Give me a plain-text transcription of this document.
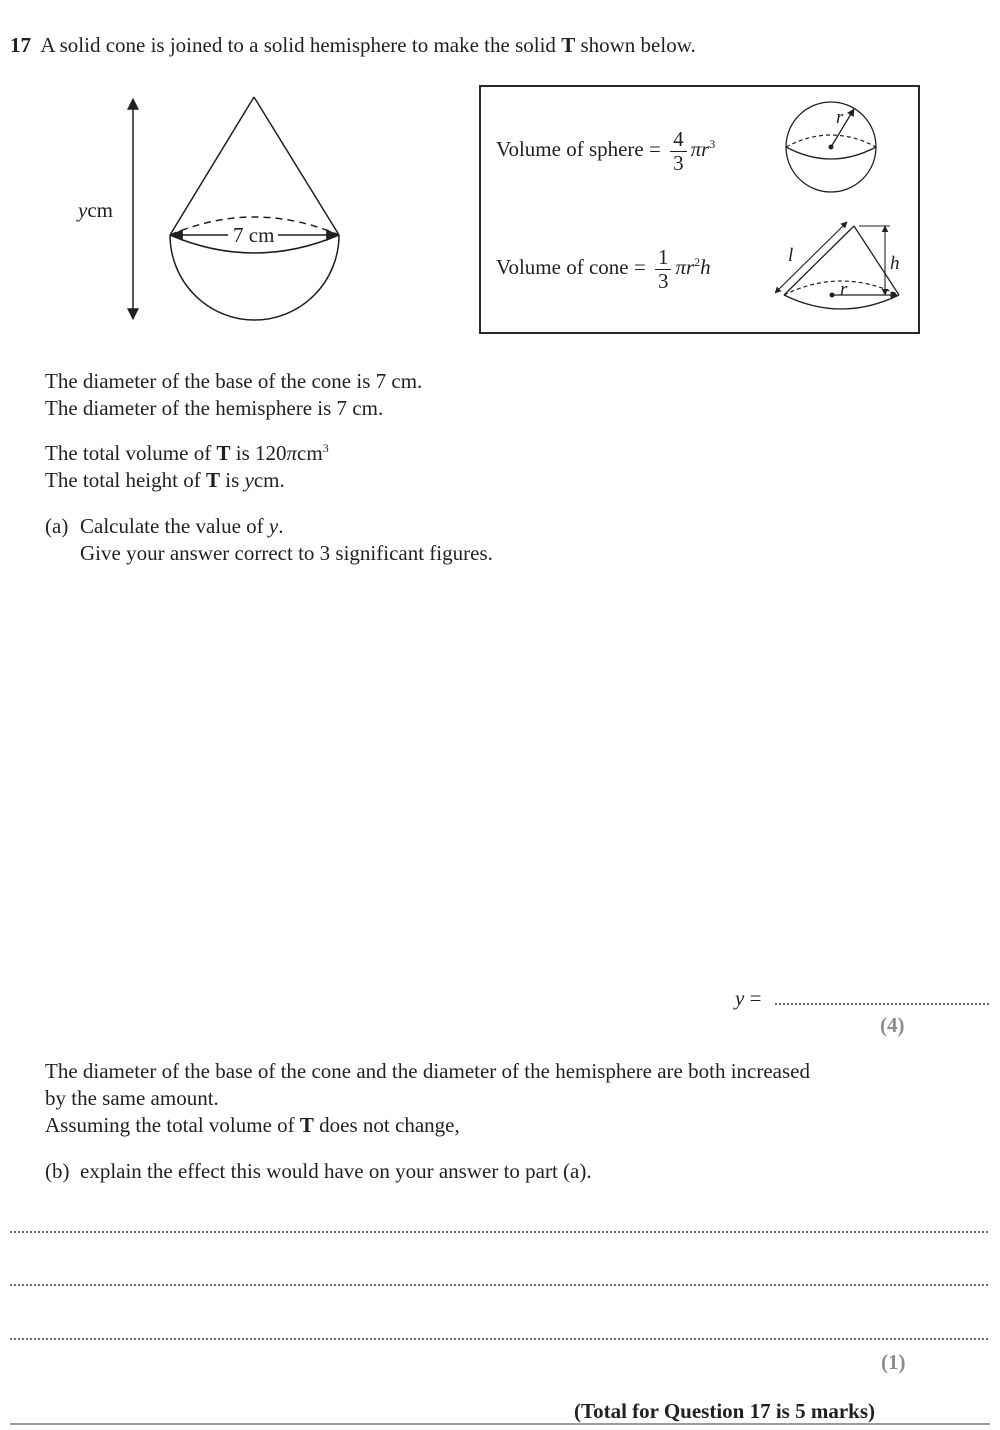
17 A solid cone is joined to a solid hemisphere to make the solid T shown below.
ycm
7 cm
Volume of sphere = $\frac{4}{3} \pi r^3$
Volume of cone = $\frac{1}{3} \pi r^2h$
r
l	h
r
The diameter of the base of the cone is 7 cm.
The diameter of the hemisphere is 7 cm.
The total volume of T is 120πcm$^3$
The total height of T is ycm.
(a) Calculate the value of y.
Give your answer correct to 3 significant figures.
y =
(4)
The diameter of the base of the cone and the diameter of the hemisphere are both increased
by the same amount.
Assuming the total volume of T does not change,
(b) explain the effect this would have on your answer to part (a).
(1)
(Total for Question 17 is 5 marks)
